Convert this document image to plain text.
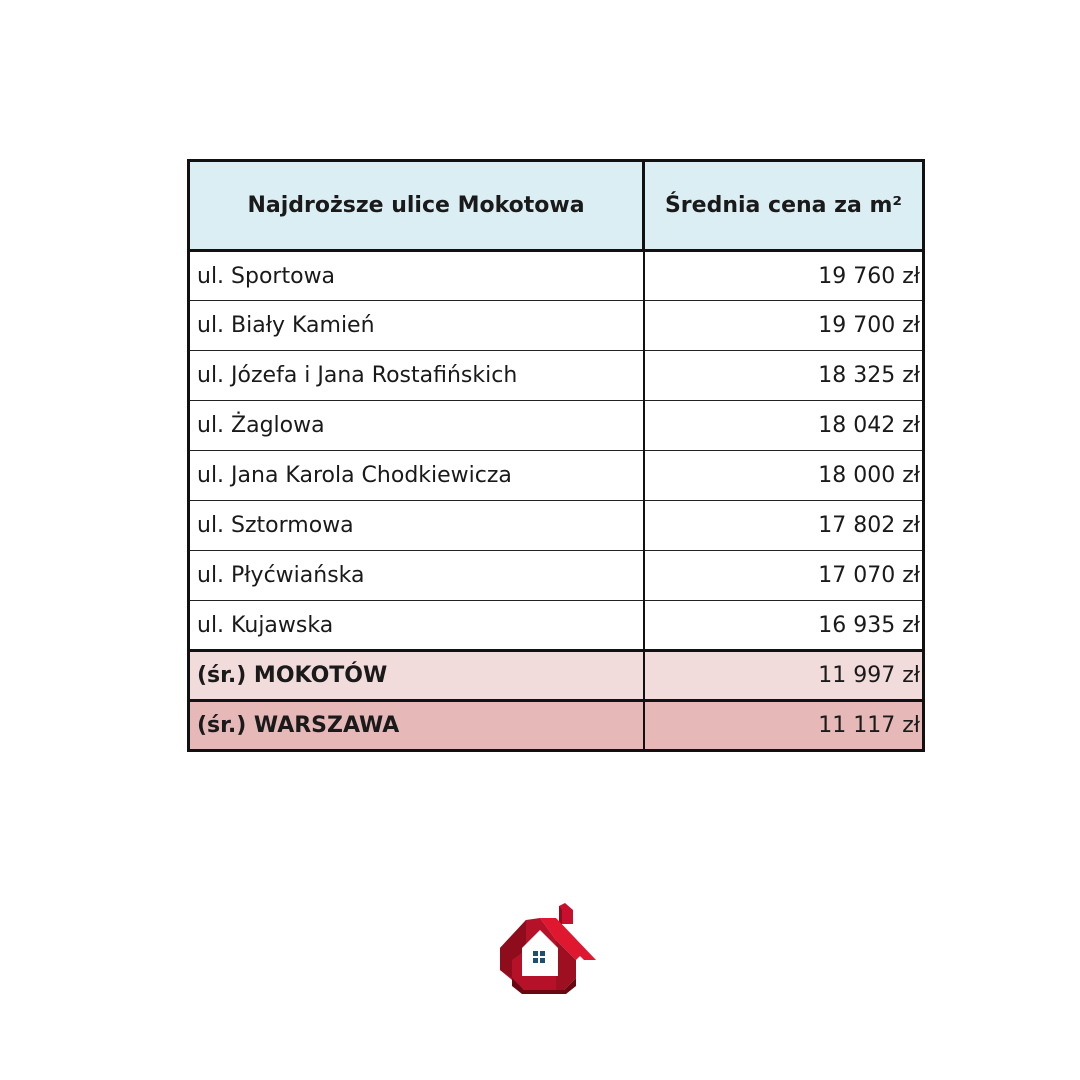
Najdroższe ulice Mokotowa	Średnia cena za m²
ul. Sportowa	19 760 zł
ul. Biały Kamień	19 700 zł
ul. Józefa i Jana Rostafińskich	18 325 zł
ul. Żaglowa	18 042 zł
ul. Jana Karola Chodkiewicza	18 000 zł
ul. Sztormowa	17 802 zł
ul. Płyćwiańska	17 070 zł
ul. Kujawska	16 935 zł
(śr.) MOKOTÓW	11 997 zł
(śr.) WARSZAWA	11 117 zł
